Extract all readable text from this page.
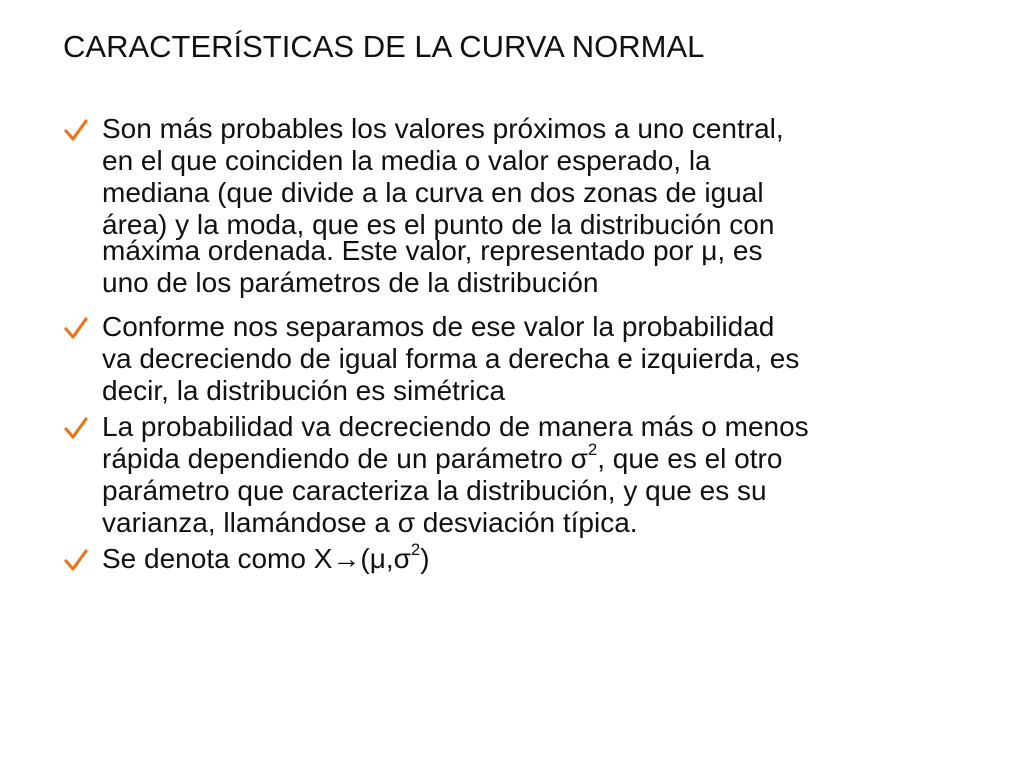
CARACTERÍSTICAS DE LA CURVA NORMAL
Son más probables los valores próximos a uno central,
en el que coinciden la media o valor esperado, la
mediana (que divide a la curva en dos zonas de igual
área) y la moda, que es el punto de la distribución con
máxima ordenada. Este valor, representado por μ, es
uno de los parámetros de la distribución
Conforme nos separamos de ese valor la probabilidad
va decreciendo de igual forma a derecha e izquierda, es
decir, la distribución es simétrica
La probabilidad va decreciendo de manera más o menos
rápida dependiendo de un parámetro $\sigma^2$, que es el otro
parámetro que caracteriza la distribución, y que es su
varianza, llamándose a σ desviación típica.
Se denota como $X\to(\mu,\sigma^2)$
